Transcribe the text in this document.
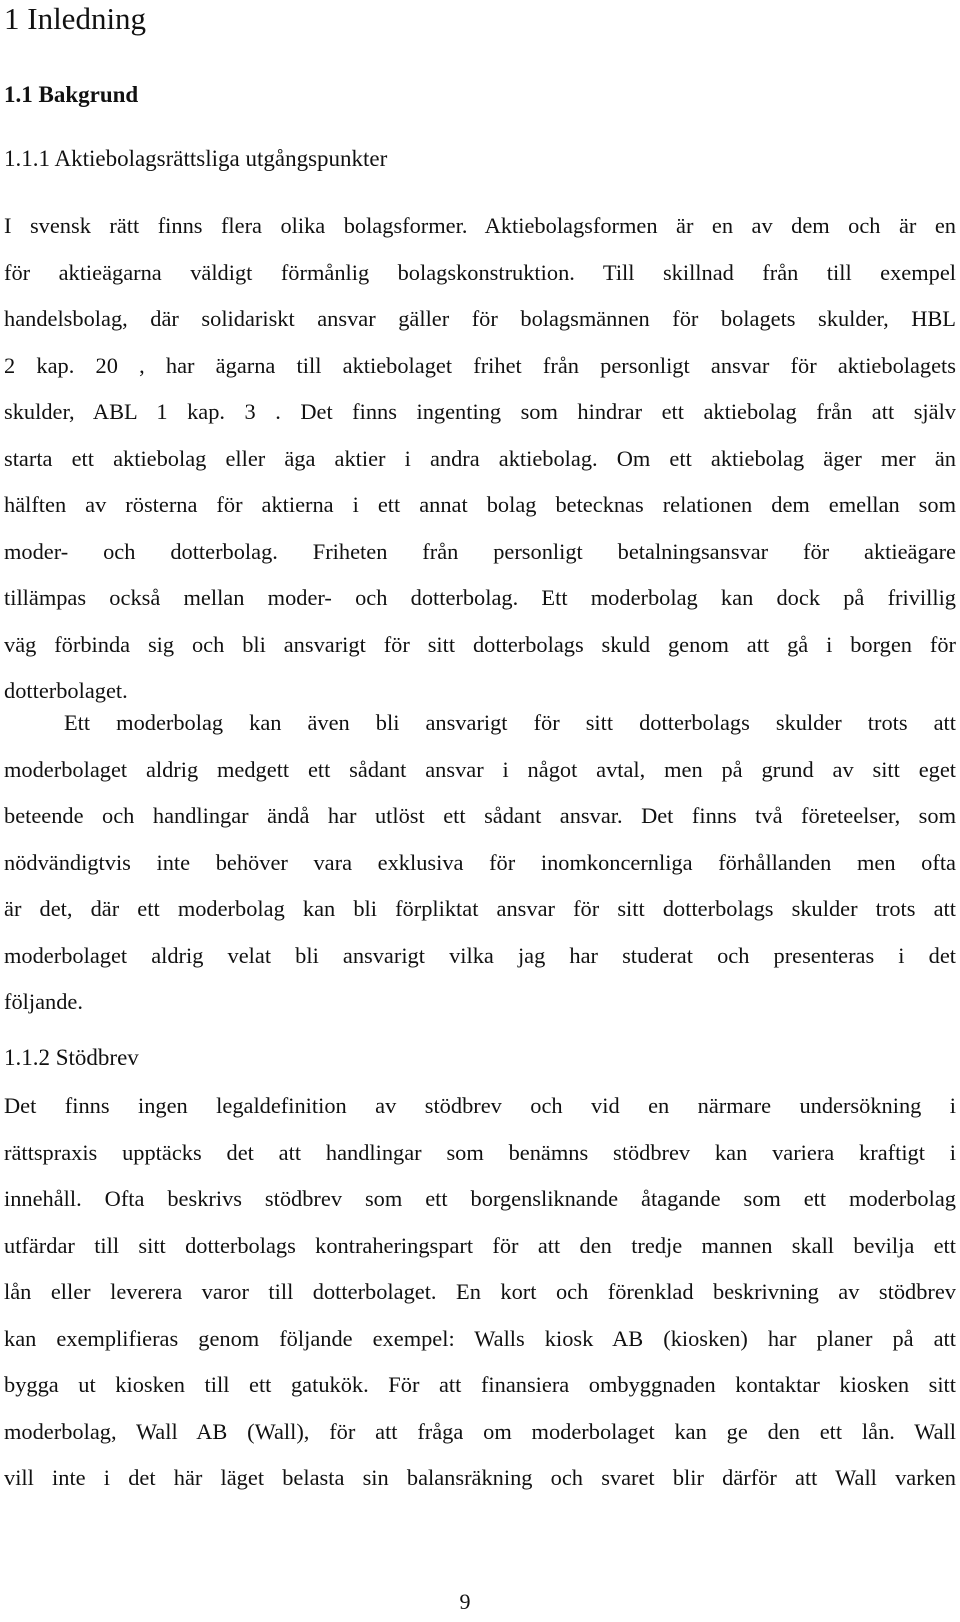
1 Inledning
1.1 Bakgrund
1.1.1 Aktiebolagsrättsliga utgångspunkter
I svensk rätt finns flera olika bolagsformer. Aktiebolagsformen är en av dem och är en
för aktieägarna väldigt förmånlig bolagskonstruktion. Till skillnad från till exempel
handelsbolag, där solidariskt ansvar gäller för bolagsmännen för bolagets skulder, HBL
2 kap. 20 , har ägarna till aktiebolaget frihet från personligt ansvar för aktiebolagets
skulder, ABL 1 kap. 3 . Det finns ingenting som hindrar ett aktiebolag från att själv
starta ett aktiebolag eller äga aktier i andra aktiebolag. Om ett aktiebolag äger mer än
hälften av rösterna för aktierna i ett annat bolag betecknas relationen dem emellan som
moder- och dotterbolag. Friheten från personligt betalningsansvar för aktieägare
tillämpas också mellan moder- och dotterbolag. Ett moderbolag kan dock på frivillig
väg förbinda sig och bli ansvarigt för sitt dotterbolags skuld genom att gå i borgen för
dotterbolaget.
Ett moderbolag kan även bli ansvarigt för sitt dotterbolags skulder trots att
moderbolaget aldrig medgett ett sådant ansvar i något avtal, men på grund av sitt eget
beteende och handlingar ändå har utlöst ett sådant ansvar. Det finns två företeelser, som
nödvändigtvis inte behöver vara exklusiva för inomkoncernliga förhållanden men ofta
är det, där ett moderbolag kan bli förpliktat ansvar för sitt dotterbolags skulder trots att
moderbolaget aldrig velat bli ansvarigt vilka jag har studerat och presenteras i det
följande.
1.1.2 Stödbrev
Det finns ingen legaldefinition av stödbrev och vid en närmare undersökning i
rättspraxis upptäcks det att handlingar som benämns stödbrev kan variera kraftigt i
innehåll. Ofta beskrivs stödbrev som ett borgensliknande åtagande som ett moderbolag
utfärdar till sitt dotterbolags kontraheringspart för att den tredje mannen skall bevilja ett
lån eller leverera varor till dotterbolaget. En kort och förenklad beskrivning av stödbrev
kan exemplifieras genom följande exempel: Walls kiosk AB (kiosken) har planer på att
bygga ut kiosken till ett gatukök. För att finansiera ombyggnaden kontaktar kiosken sitt
moderbolag, Wall AB (Wall), för att fråga om moderbolaget kan ge den ett lån. Wall
vill inte i det här läget belasta sin balansräkning och svaret blir därför att Wall varken
9
